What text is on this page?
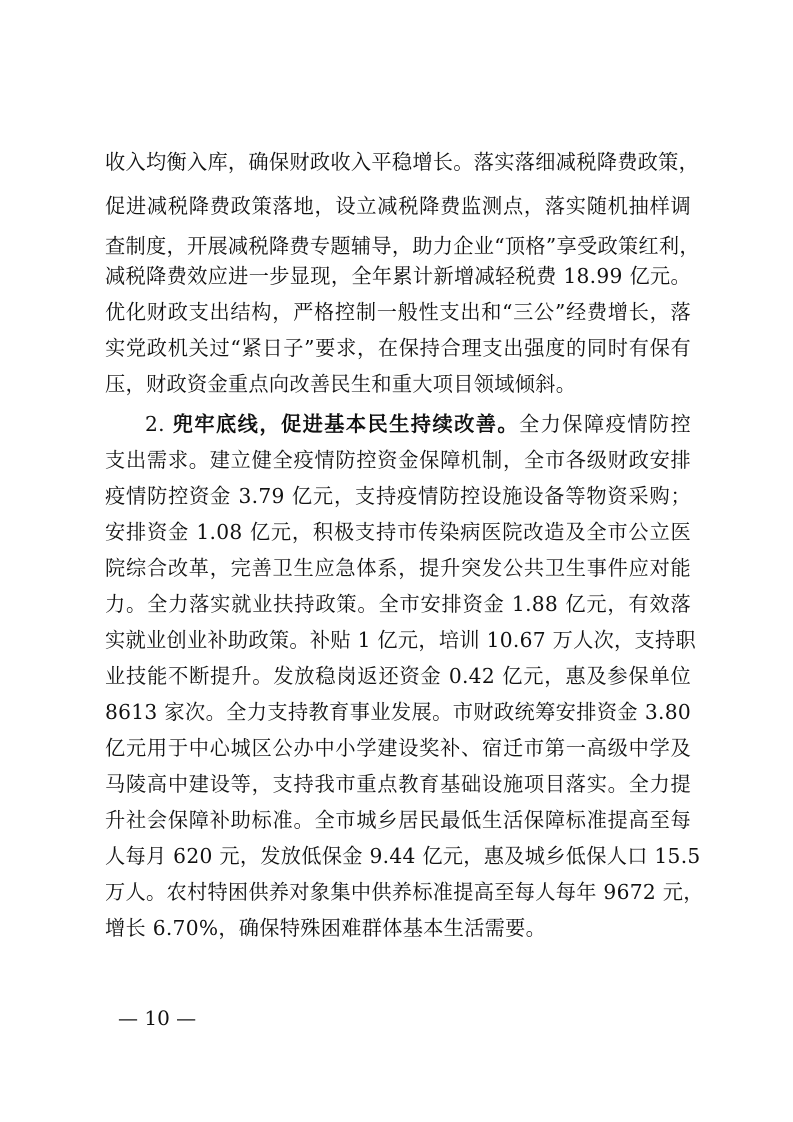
收入均衡入库，确保财政收入平稳增长。落实落细减税降费政策，
促进减税降费政策落地，设立减税降费监测点，落实随机抽样调
查制度，开展减税降费专题辅导，助力企业“顶格”享受政策红利，
减税降费效应进一步显现，全年累计新增减轻税费 18.99 亿元。
优化财政支出结构，严格控制一般性支出和“三公”经费增长，落
实党政机关过“紧日子”要求，在保持合理支出强度的同时有保有
压，财政资金重点向改善民生和重大项目领域倾斜。
2. 兜牢底线，促进基本民生持续改善。全力保障疫情防控
支出需求。建立健全疫情防控资金保障机制，全市各级财政安排
疫情防控资金 3.79 亿元，支持疫情防控设施设备等物资采购；
安排资金 1.08 亿元，积极支持市传染病医院改造及全市公立医
院综合改革，完善卫生应急体系，提升突发公共卫生事件应对能
力。全力落实就业扶持政策。全市安排资金 1.88 亿元，有效落
实就业创业补助政策。补贴 1 亿元，培训 10.67 万人次，支持职
业技能不断提升。发放稳岗返还资金 0.42 亿元，惠及参保单位
8613 家次。全力支持教育事业发展。市财政统筹安排资金 3.80
亿元用于中心城区公办中小学建设奖补、宿迁市第一高级中学及
马陵高中建设等，支持我市重点教育基础设施项目落实。全力提
升社会保障补助标准。全市城乡居民最低生活保障标准提高至每
人每月 620 元，发放低保金 9.44 亿元，惠及城乡低保人口 15.5
万人。农村特困供养对象集中供养标准提高至每人每年 9672 元，
增长 6.70%，确保特殊困难群体基本生活需要。
— 10 —
